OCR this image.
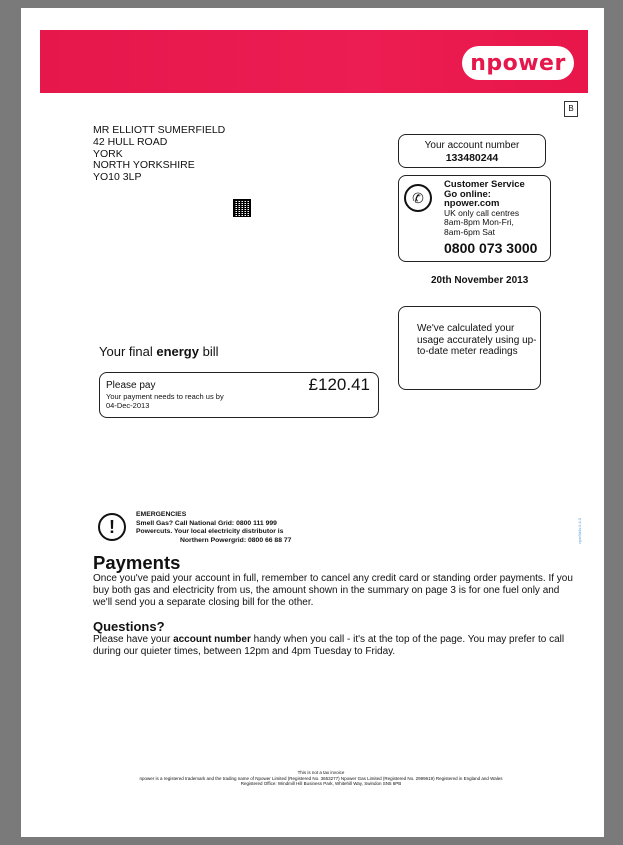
npower
B
MR ELLIOTT SUMERFIELD
42 HULL ROAD
YORK
NORTH YORKSHIRE
YO10 3LP
Your account number
133480244
✆
Customer Service
Go online:
npower.com
UK only call centres
8am-8pm Mon-Fri,
8am-6pm Sat
0800 073 3000
20th November 2013
We've calculated your usage accurately using up-to-date meter readings
Your final energy bill
Please pay
Your payment needs to reach us by
04-Dec-2013
£120.41
!
EMERGENCIES
Smell Gas? Call National Grid: 0800 111 999
Powercuts. Your local electricity distributor is
Northern Powergrid: 0800 66 88 77	npw3d4v.0.4.0
Payments
Once you've paid your account in full, remember to cancel any credit card or standing order payments. If you buy both gas and electricity from us, the amount shown in the summary on page 3 is for one fuel only and we'll send you a separate closing bill for the other.
Questions?
Please have your account number handy when you call - it's at the top of the page. You may prefer to call during our quieter times, between 12pm and 4pm Tuesday to Friday.
This is not a tax invoice
npower is a registered trademark and the trading name of Npower Limited (Registered No. 3653277) Npower Gas Limited (Registered No. 2999619) Registered in England and Wales
Registered Office: Windmill Hill Business Park, Whitehill Way, Swindon SN5 6PB
